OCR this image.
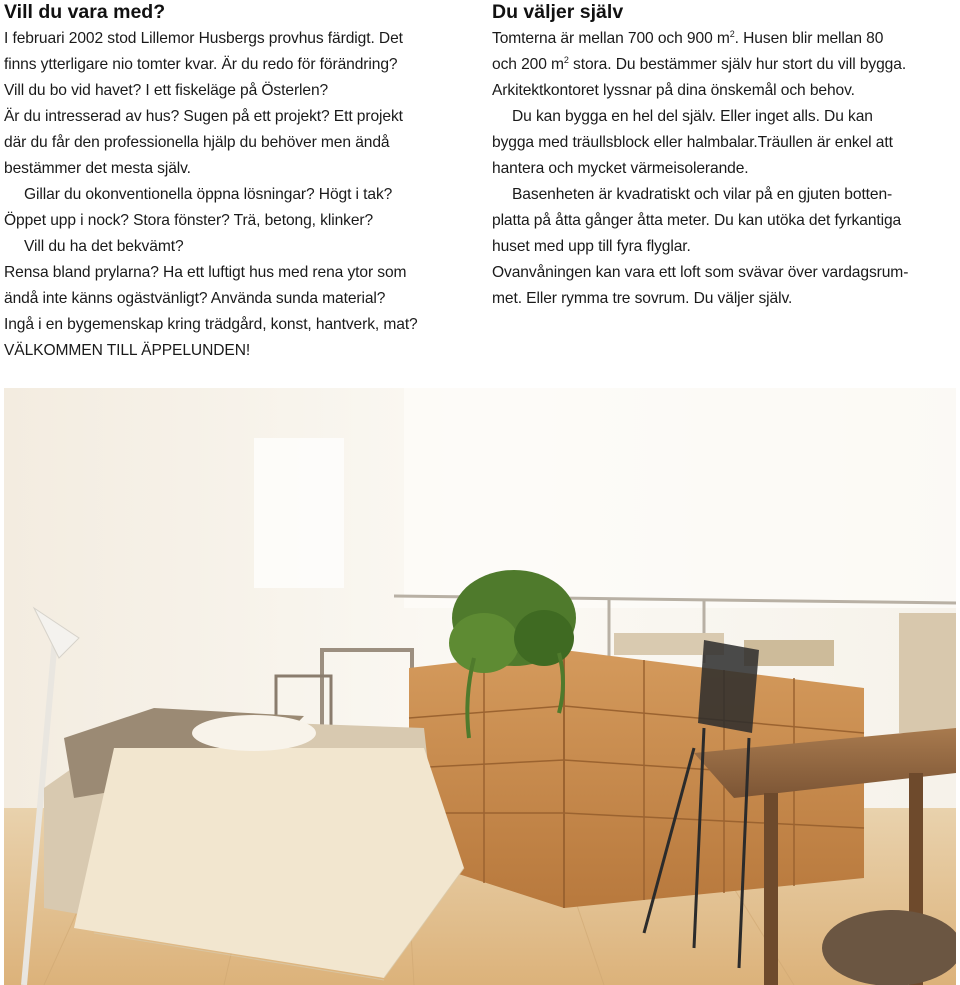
Vill du vara med?
I februari 2002 stod Lillemor Husbergs provhus färdigt. Det
finns ytterligare nio tomter kvar. Är du redo för förändring?
Vill du bo vid havet? I ett fiskeläge på Österlen?
Är du intresserad av hus? Sugen på ett projekt? Ett projekt
där du får den professionella hjälp du behöver men ändå
bestämmer det mesta själv.
Gillar du okonventionella öppna lösningar? Högt i tak?
Öppet upp i nock? Stora fönster? Trä, betong, klinker?
Vill du ha det bekvämt?
Rensa bland prylarna? Ha ett luftigt hus med rena ytor som
ändå inte känns ogästvänligt? Använda sunda material?
Ingå i en bygemenskap kring trädgård, konst, hantverk, mat?
VÄLKOMMEN TILL ÄPPELUNDEN!
Du väljer själv
Tomterna är mellan 700 och 900 $m^2$. Husen blir mellan 80
och 200 $m^2$ stora. Du bestämmer själv hur stort du vill bygga.
Arkitektkontoret lyssnar på dina önskemål och behov.
Du kan bygga en hel del själv. Eller inget alls. Du kan
bygga med träullsblock eller halmbalar.Träullen är enkel att
hantera och mycket värmeisolerande.
Basenheten är kvadratiskt och vilar på en gjuten botten-
platta på åtta gånger åtta meter. Du kan utöka det fyrkantiga
huset med upp till fyra flyglar.
Ovanvåningen kan vara ett loft som svävar över vardagsrum-
met. Eller rymma tre sovrum. Du väljer själv.
